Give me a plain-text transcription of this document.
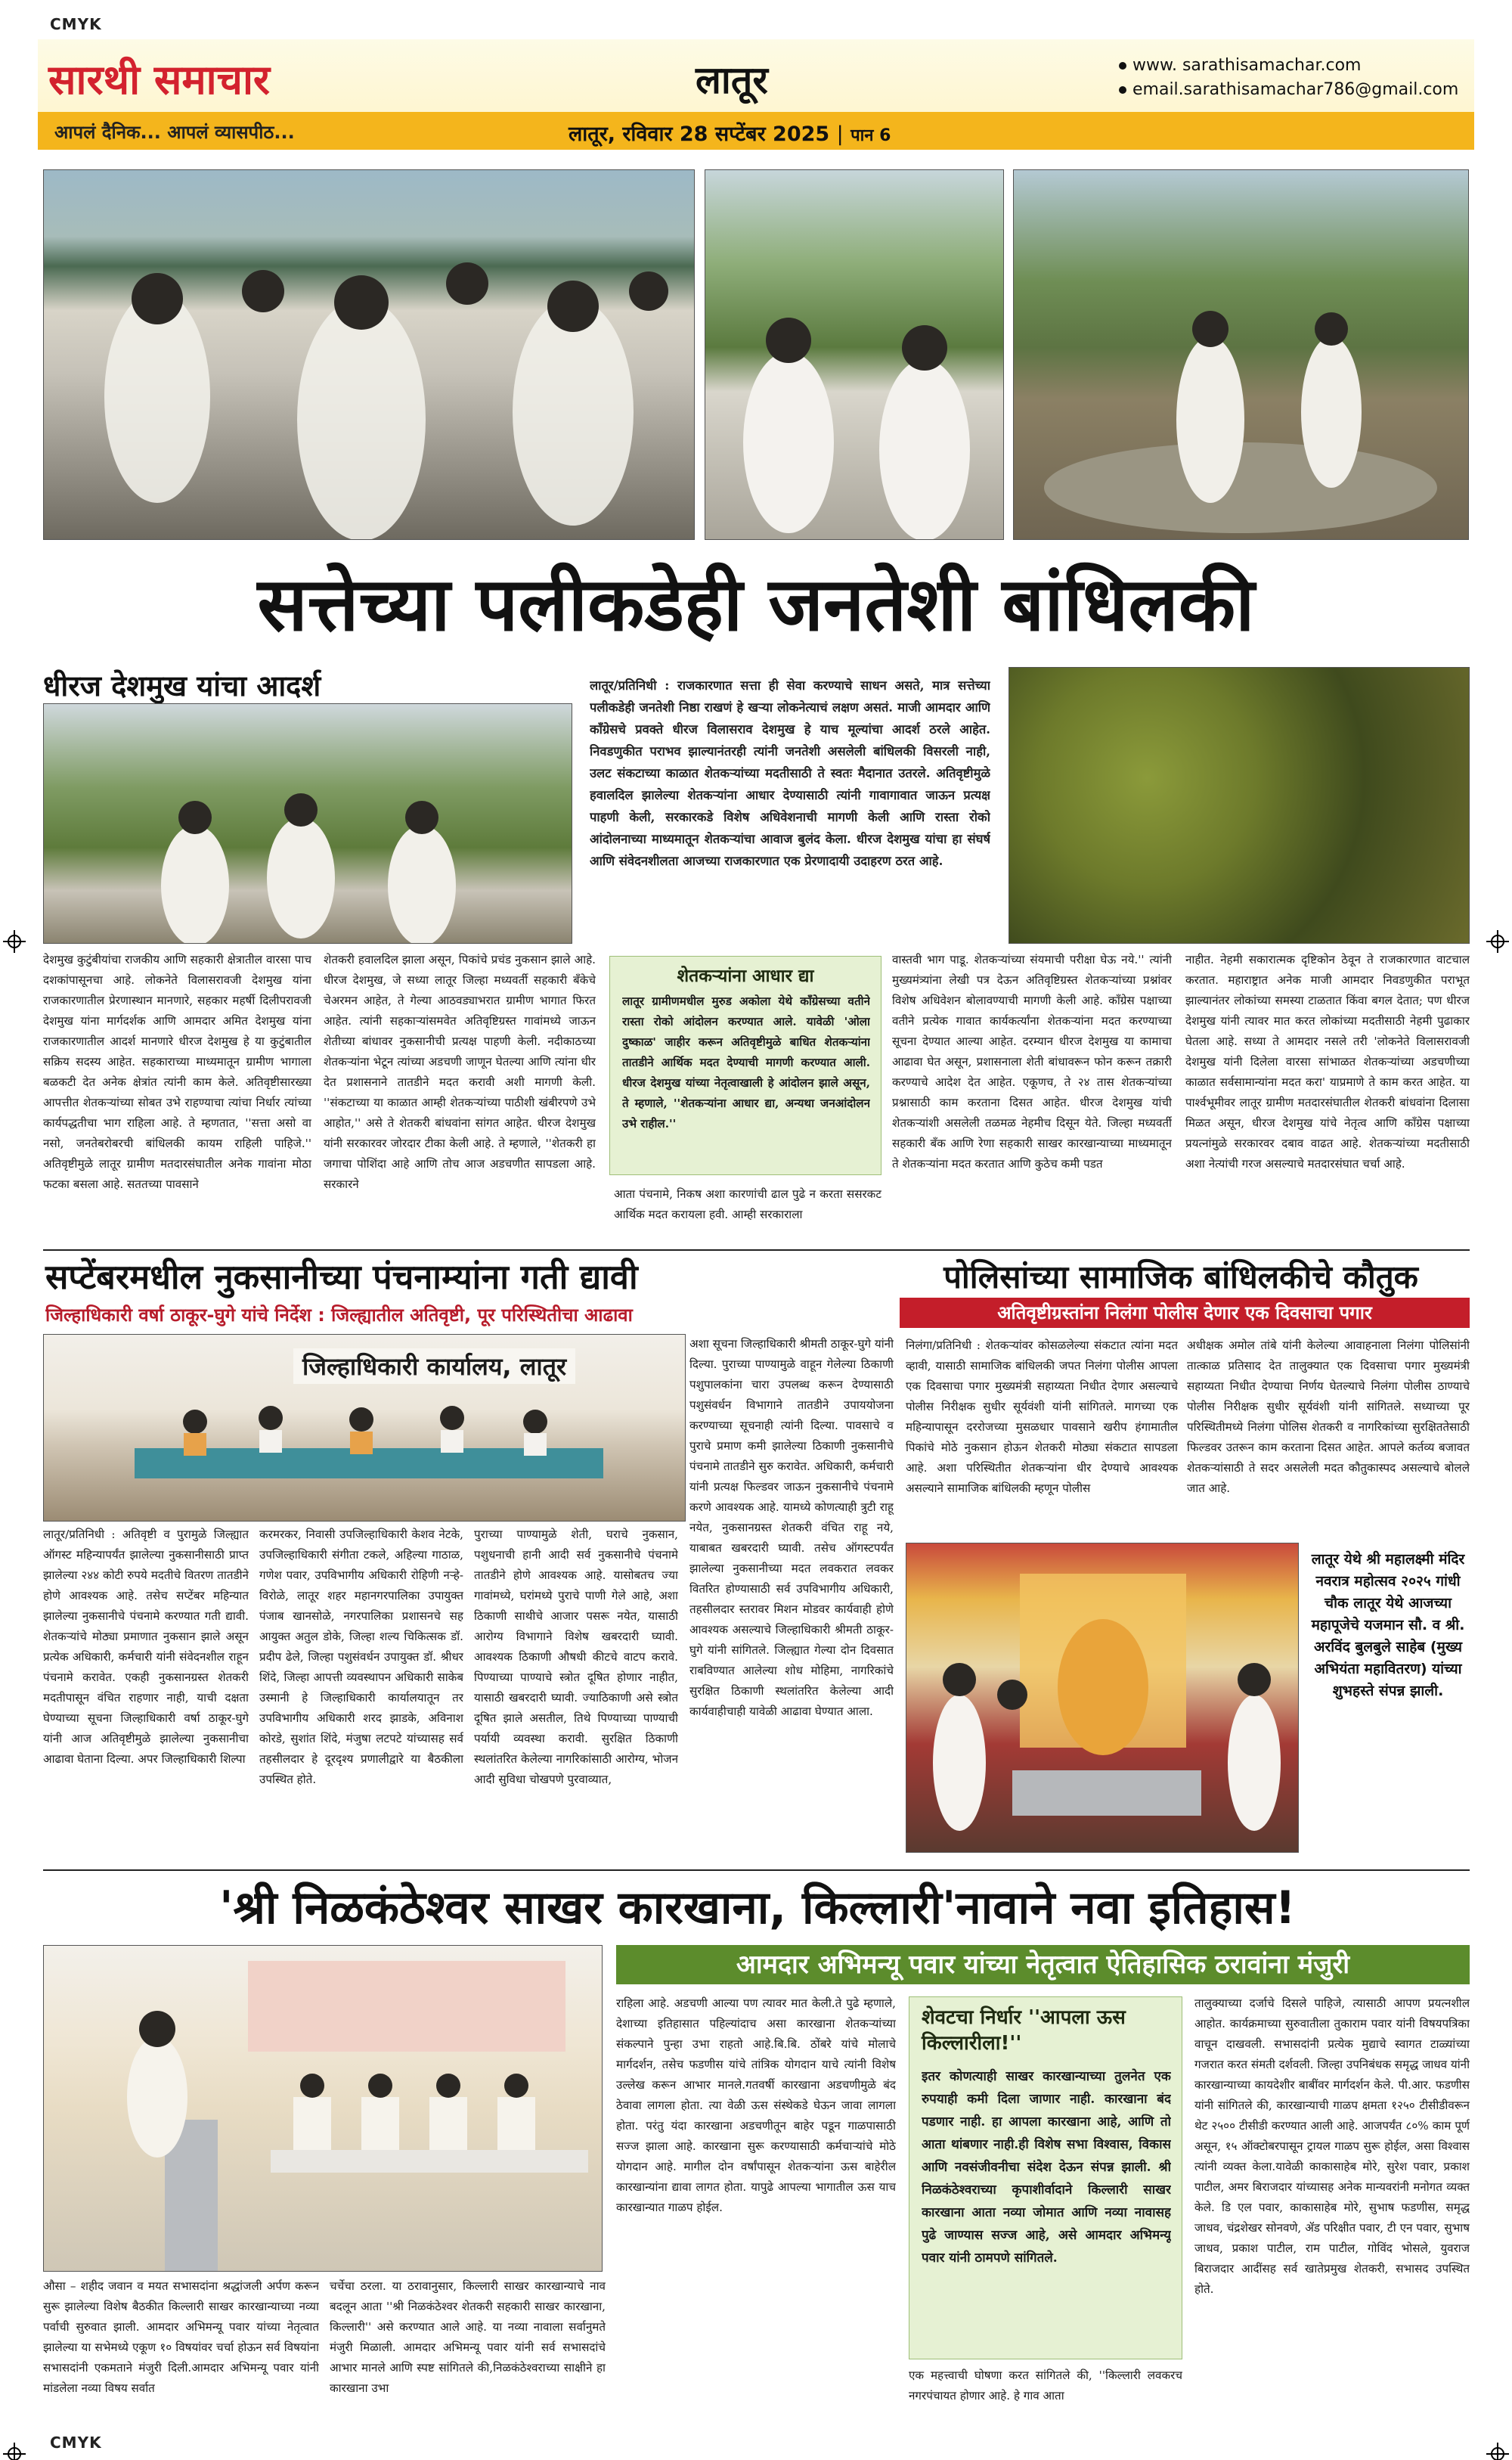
CMYK
CMYK
सारथी समाचार	लातूर	www. sarathisamachar.com
email.sarathisamachar786@gmail.com
आपलं दैनिक... आपलं व्यासपीठ...	लातूर, रविवार 28 सप्टेंबर 2025 | पान 6
सत्तेच्या पलीकडेही जनतेशी बांधिलकी
धीरज देशमुख यांचा आदर्श	लातूर/प्रतिनिधी : राजकारणात सत्ता ही सेवा करण्याचे साधन असते, मात्र सत्तेच्या पलीकडेही जनतेशी निष्ठा राखणं हे खऱ्या लोकनेत्याचं लक्षण असतं. माजी आमदार आणि काँग्रेसचे प्रवक्ते धीरज विलासराव देशमुख हे याच मूल्यांचा आदर्श ठरले आहेत. निवडणुकीत पराभव झाल्यानंतरही त्यांनी जनतेशी असलेली बांधिलकी विसरली नाही, उलट संकटाच्या काळात शेतकऱ्यांच्या मदतीसाठी ते स्वतः मैदानात उतरले. अतिवृष्टीमुळे हवालदिल झालेल्या शेतकऱ्यांना आधार देण्यासाठी त्यांनी गावागावात जाऊन प्रत्यक्ष पाहणी केली, सरकारकडे विशेष अधिवेशनाची मागणी केली आणि रास्ता रोको आंदोलनाच्या माध्यमातून शेतकऱ्यांचा आवाज बुलंद केला. धीरज देशमुख यांचा हा संघर्ष आणि संवेदनशीलता आजच्या राजकारणात एक प्रेरणादायी उदाहरण ठरत आहे.
देशमुख कुटुंबीयांचा राजकीय आणि सहकारी क्षेत्रातील वारसा पाच दशकांपासूनचा आहे. लोकनेते विलासरावजी देशमुख यांना राजकारणातील प्रेरणास्थान मानणारे, सहकार महर्षी दिलीपरावजी देशमुख यांना मार्गदर्शक आणि आमदार अमित देशमुख यांना राजकारणातील आदर्श मानणारे धीरज देशमुख हे या कुटुंबातील सक्रिय सदस्य आहेत. सहकाराच्या माध्यमातून ग्रामीण भागाला बळकटी देत अनेक क्षेत्रांत त्यांनी काम केले. अतिवृष्टीसारख्या आपत्तीत शेतकऱ्यांच्या सोबत उभे राहण्याचा त्यांचा निर्धार त्यांच्या कार्यपद्धतीचा भाग राहिला आहे. ते म्हणतात, ''सत्ता असो वा नसो, जनतेबरोबरची बांधिलकी कायम राहिली पाहिजे.'' अतिवृष्टीमुळे लातूर ग्रामीण मतदारसंघातील अनेक गावांना मोठा फटका बसला आहे. सततच्या पावसाने
शेतकरी हवालदिल झाला असून, पिकांचे प्रचंड नुकसान झाले आहे. धीरज देशमुख, जे सध्या लातूर जिल्हा मध्यवर्ती सहकारी बँकेचे चेअरमन आहेत, ते गेल्या आठवड्याभरात ग्रामीण भागात फिरत आहेत. त्यांनी सहकाऱ्यांसमवेत अतिवृष्टिग्रस्त गावांमध्ये जाऊन शेतीच्या बांधावर नुकसानीची प्रत्यक्ष पाहणी केली. नदीकाठच्या शेतकऱ्यांना भेटून त्यांच्या अडचणी जाणून घेतल्या आणि त्यांना धीर देत प्रशासनाने तातडीने मदत करावी अशी मागणी केली. ''संकटाच्या या काळात आम्ही शेतकऱ्यांच्या पाठीशी खंबीरपणे उभे आहोत,'' असे ते शेतकरी बांधवांना सांगत आहेत. धीरज देशमुख यांनी सरकारवर जोरदार टीका केली आहे. ते म्हणाले, ''शेतकरी हा जगाचा पोशिंदा आहे आणि तोच आज अडचणीत सापडला आहे. सरकारने
शेतकऱ्यांना आधार द्या
लातूर ग्रामीणमधील मुरुड अकोला येथे काँग्रेसच्या वतीने रास्ता रोको आंदोलन करण्यात आले. यावेळी 'ओला दुष्काळ' जाहीर करून अतिवृष्टीमुळे बाधित शेतकऱ्यांना तातडीने आर्थिक मदत देण्याची मागणी करण्यात आली. धीरज देशमुख यांच्या नेतृत्वाखाली हे आंदोलन झाले असून, ते म्हणाले, ''शेतकऱ्यांना आधार द्या, अन्यथा जनआंदोलन उभे राहील.''
आता पंचनामे, निकष अशा कारणांची ढाल पुढे न करता ससरकट आर्थिक मदत करायला हवी. आम्ही सरकाराला
वास्तवी भाग पाडू. शेतकऱ्यांच्या संयमाची परीक्षा घेऊ नये.'' त्यांनी मुख्यमंत्र्यांना लेखी पत्र देऊन अतिवृष्टिग्रस्त शेतकऱ्यांच्या प्रश्नांवर विशेष अधिवेशन बोलावण्याची मागणी केली आहे. काँग्रेस पक्षाच्या वतीने प्रत्येक गावात कार्यकर्त्यांना शेतकऱ्यांना मदत करण्याच्या सूचना देण्यात आल्या आहेत. दरम्यान धीरज देशमुख या कामाचा आढावा घेत असून, प्रशासनाला शेती बांधावरून फोन करून तक्रारी करण्याचे आदेश देत आहेत. एकूणच, ते २४ तास शेतकऱ्यांच्या प्रश्नासाठी काम करताना दिसत आहेत. धीरज देशमुख यांची शेतकऱ्यांशी असलेली तळमळ नेहमीच दिसून येते. जिल्हा मध्यवर्ती सहकारी बँक आणि रेणा सहकारी साखर कारखान्याच्या माध्यमातून ते शेतकऱ्यांना मदत करतात आणि कुठेच कमी पडत
नाहीत. नेहमी सकारात्मक दृष्टिकोन ठेवून ते राजकारणात वाटचाल करतात. महाराष्ट्रात अनेक माजी आमदार निवडणुकीत पराभूत झाल्यानंतर लोकांच्या समस्या टाळतात किंवा बगल देतात; पण धीरज देशमुख यांनी त्यावर मात करत लोकांच्या मदतीसाठी नेहमी पुढाकार घेतला आहे. सध्या ते आमदार नसले तरी 'लोकनेते विलासरावजी देशमुख यांनी दिलेला वारसा सांभाळत शेतकऱ्यांच्या अडचणीच्या काळात सर्वसामान्यांना मदत करा' याप्रमाणे ते काम करत आहेत. या पार्श्वभूमीवर लातूर ग्रामीण मतदारसंघातील शेतकरी बांधवांना दिलासा मिळत असून, धीरज देशमुख यांचे नेतृत्व आणि काँग्रेस पक्षाच्या प्रयत्नांमुळे सरकारवर दबाव वाढत आहे. शेतकऱ्यांच्या मदतीसाठी अशा नेत्यांची गरज असल्याचे मतदारसंघात चर्चा आहे.
सप्टेंबरमधील नुकसानीच्या पंचनाम्यांना गती द्यावी
जिल्हाधिकारी वर्षा ठाकूर-घुगे यांचे निर्देश : जिल्ह्यातील अतिवृष्टी, पूर परिस्थितीचा आढावा
जिल्हाधिकारी कार्यालय, लातूर
लातूर/प्रतिनिधी : अतिवृष्टी व पुरामुळे जिल्ह्यात ऑगस्ट महिन्यापर्यंत झालेल्या नुकसानीसाठी प्राप्त झालेल्या २४४ कोटी रुपये मदतीचे वितरण तातडीने होणे आवश्यक आहे. तसेच सप्टेंबर महिन्यात झालेल्या नुकसानीचे पंचनामे करण्यात गती द्यावी. शेतकऱ्यांचे मोठ्या प्रमाणात नुकसान झाले असून प्रत्येक अधिकारी, कर्मचारी यांनी संवेदनशील राहून पंचनामे करावेत. एकही नुकसानग्रस्त शेतकरी मदतीपासून वंचित राहणार नाही, याची दक्षता घेण्याच्या सूचना जिल्हाधिकारी वर्षा ठाकूर-घुगे यांनी आज अतिवृष्टीमुळे झालेल्या नुकसानीचा आढावा घेताना दिल्या. अपर जिल्हाधिकारी शिल्पा
करमरकर, निवासी उपजिल्हाधिकारी केशव नेटके, उपजिल्हाधिकारी संगीता टकले, अहिल्या गाठाळ, गणेश पवार, उपविभागीय अधिकारी रोहिणी नऱ्हे-विरोळे, लातूर शहर महानगरपालिका उपायुक्त पंजाब खानसोळे, नगरपालिका प्रशासनचे सह आयुक्त अतुल डोके, जिल्हा शल्य चिकित्सक डॉ. प्रदीप ढेले, जिल्हा पशुसंवर्धन उपायुक्त डॉ. श्रीधर शिंदे, जिल्हा आपत्ती व्यवस्थापन अधिकारी साकेब उस्मानी हे जिल्हाधिकारी कार्यालयातून तर उपविभागीय अधिकारी शरद झाडके, अविनाश कोरडे, सुशांत शिंदे, मंजुषा लटपटे यांच्यासह सर्व तहसीलदार हे दूरदृश्य प्रणालीद्वारे या बैठकीला उपस्थित होते.
पुराच्या पाण्यामुळे शेती, घराचे नुकसान, पशुधनाची हानी आदी सर्व नुकसानीचे पंचनामे तातडीने होणे आवश्यक आहे. यासोबतच ज्या गावांमध्ये, घरांमध्ये पुराचे पाणी गेले आहे, अशा ठिकाणी साथीचे आजार पसरू नयेत, यासाठी आरोग्य विभागाने विशेष खबरदारी घ्यावी. आवश्यक ठिकाणी औषधी कीटचे वाटप करावे. पिण्याच्या पाण्याचे स्त्रोत दूषित होणार नाहीत, यासाठी खबरदारी घ्यावी. ज्याठिकाणी असे स्त्रोत दूषित झाले असतील, तिथे पिण्याच्या पाण्याची पर्यायी व्यवस्था करावी. सुरक्षित ठिकाणी स्थलांतरित केलेल्या नागरिकांसाठी आरोग्य, भोजन आदी सुविधा चोखपणे पुरवाव्यात,
अशा सूचना जिल्हाधिकारी श्रीमती ठाकूर-घुगे यांनी दिल्या. पुराच्या पाण्यामुळे वाहून गेलेल्या ठिकाणी पशुपालकांना चारा उपलब्ध करून देण्यासाठी पशुसंवर्धन विभागाने तातडीने उपाययोजना करण्याच्या सूचनाही त्यांनी दिल्या. पावसाचे व पुराचे प्रमाण कमी झालेल्या ठिकाणी नुकसानीचे पंचनामे तातडीने सुरु करावेत. अधिकारी, कर्मचारी यांनी प्रत्यक्ष फिल्डवर जाऊन नुकसानीचे पंचनामे करणे आवश्यक आहे. यामध्ये कोणत्याही त्रुटी राहू नयेत, नुकसानग्रस्त शेतकरी वंचित राहू नये, याबाबत खबरदारी घ्यावी. तसेच ऑगस्टपर्यंत झालेल्या नुकसानीच्या मदत लवकरात लवकर वितरित होण्यासाठी सर्व उपविभागीय अधिकारी, तहसीलदार स्तरावर मिशन मोडवर कार्यवाही होणे आवश्यक असल्याचे जिल्हाधिकारी श्रीमती ठाकूर-घुगे यांनी सांगितले. जिल्ह्यात गेल्या दोन दिवसात राबविण्यात आलेल्या शोध मोहिमा, नागरिकांचे सुरक्षित ठिकाणी स्थलांतरित केलेल्या आदी कार्यवाहीचाही यावेळी आढावा घेण्यात आला.
पोलिसांच्या सामाजिक बांधिलकीचे कौतुक
अतिवृष्टीग्रस्तांना निलंगा पोलीस देणार एक दिवसाचा पगार
निलंगा/प्रतिनिधी : शेतकऱ्यांवर कोसळलेल्या संकटात त्यांना मदत व्हावी, यासाठी सामाजिक बांधिलकी जपत निलंगा पोलीस आपला एक दिवसाचा पगार मुख्यमंत्री सहाय्यता निधीत देणार असल्याचे पोलीस निरीक्षक सुधीर सूर्यवंशी यांनी सांगितले. मागच्या एक महिन्यापासून दररोजच्या मुसळधार पावसाने खरीप हंगामातील पिकांचे मोठे नुकसान होऊन शेतकरी मोठ्या संकटात सापडला आहे. अशा परिस्थितीत शेतकऱ्यांना धीर देण्याचे आवश्यक असल्याने सामाजिक बांधिलकी म्हणून पोलीस
अधीक्षक अमोल तांबे यांनी केलेल्या आवाहनाला निलंगा पोलिसांनी तात्काळ प्रतिसाद देत तालुक्यात एक दिवसाचा पगार मुख्यमंत्री सहाय्यता निधीत देण्याचा निर्णय घेतल्याचे निलंगा पोलीस ठाण्याचे पोलीस निरीक्षक सुधीर सूर्यवंशी यांनी सांगितले. सध्याच्या पूर परिस्थितीमध्ये निलंगा पोलिस शेतकरी व नागरिकांच्या सुरक्षिततेसाठी फिल्डवर उतरून काम करताना दिसत आहेत. आपले कर्तव्य बजावत शेतकऱ्यांसाठी ते सदर असलेली मदत कौतुकास्पद असल्याचे बोलले जात आहे.
लातूर येथे श्री महालक्ष्मी मंदिर नवरात्र महोत्सव २०२५ गांधी चौक लातूर येथे आजच्या महापूजेचे यजमान सौ. व श्री. अरविंद बुलबुले साहेब (मुख्य अभियंता महावितरण) यांच्या शुभहस्ते संपन्न झाली.
'श्री निळकंठेश्वर साखर कारखाना, किल्लारी'नावाने नवा इतिहास!
आमदार अभिमन्यू पवार यांच्या नेतृत्वात ऐतिहासिक ठरावांना मंजुरी
औसा – शहीद जवान व मयत सभासदांना श्रद्धांजली अर्पण करून सुरू झालेल्या विशेष बैठकीत किल्लारी साखर कारखान्याच्या नव्या पर्वाची सुरुवात झाली. आमदार अभिमन्यू पवार यांच्या नेतृत्वात झालेल्या या सभेमध्ये एकूण १० विषयांवर चर्चा होऊन सर्व विषयांना सभासदांनी एकमताने मंजुरी दिली.आमदार अभिमन्यू पवार यांनी मांडलेला नव्या विषय सर्वात
चर्चेचा ठरला. या ठरावानुसार, किल्लारी साखर कारखान्याचे नाव बदलून आता ''श्री निळकंठेश्वर शेतकरी सहकारी साखर कारखाना, किल्लारी'' असे करण्यात आले आहे. या नव्या नावाला सर्वानुमते मंजुरी मिळाली. आमदार अभिमन्यू पवार यांनी सर्व सभासदांचे आभार मानले आणि स्पष्ट सांगितले की,निळकंठेश्वराच्या साक्षीने हा कारखाना उभा
राहिला आहे. अडचणी आल्या पण त्यावर मात केली.ते पुढे म्हणाले, देशाच्या इतिहासात पहिल्यांदाच असा कारखाना शेतकऱ्यांच्या संकल्पाने पुन्हा उभा राहतो आहे.बि.बि. ठोंबरे यांचे मोलाचे मार्गदर्शन, तसेच फडणीस यांचे तांत्रिक योगदान याचे त्यांनी विशेष उल्लेख करून आभार मानले.गतवर्षी कारखाना अडचणीमुळे बंद ठेवावा लागला होता. त्या वेळी ऊस संस्थेकडे घेऊन जावा लागला होता. परंतु यंदा कारखाना अडचणीतून बाहेर पडून गाळपासाठी सज्ज झाला आहे. कारखाना सुरू करण्यासाठी कर्मचाऱ्यांचे मोठे योगदान आहे. मागील दोन वर्षांपासून शेतकऱ्यांना ऊस बाहेरील कारखान्यांना द्यावा लागत होता. यापुढे आपल्या भागातील ऊस याच कारखान्यात गाळप होईल.
शेवटचा निर्धार ''आपला ऊस किल्लारीला!''
इतर कोणत्याही साखर कारखान्याच्या तुलनेत एक रुपयाही कमी दिला जाणार नाही. कारखाना बंद पडणार नाही. हा आपला कारखाना आहे, आणि तो आता थांबणार नाही.ही विशेष सभा विश्वास, विकास आणि नवसंजीवनीचा संदेश देऊन संपन्न झाली. श्री निळकंठेश्वराच्या कृपाशीर्वादाने किल्लारी साखर कारखाना आता नव्या जोमात आणि नव्या नावासह पुढे जाण्यास सज्ज आहे, असे आमदार अभिमन्यू पवार यांनी ठामपणे सांगितले.
एक महत्त्वाची घोषणा करत सांगितले की, ''किल्लारी लवकरच नगरपंचायत होणार आहे. हे गाव आता
तालुक्याच्या दर्जाचे दिसले पाहिजे, त्यासाठी आपण प्रयत्नशील आहोत. कार्यक्रमाच्या सुरुवातीला तुकाराम पवार यांनी विषयपत्रिका वाचून दाखवली. सभासदांनी प्रत्येक मुद्याचे स्वागत टाळ्यांच्या गजरात करत संमती दर्शवली. जिल्हा उपनिबंधक समृद्ध जाधव यांनी कारखान्याच्या कायदेशीर बाबींवर मार्गदर्शन केले. पी.आर. फडणीस यांनी सांगितले की, कारखान्याची गाळप क्षमता १२५० टीसीडीवरून थेट २५०० टीसीडी करण्यात आली आहे. आजपर्यंत ८०% काम पूर्ण असून, १५ ऑक्टोबरपासून ट्रायल गाळप सुरू होईल, असा विश्वास त्यांनी व्यक्त केला.यावेळी काकासाहेब मोरे, सुरेश पवार, प्रकाश पाटील, अमर बिराजदार यांच्यासह अनेक मान्यवरांनी मनोगत व्यक्त केले. डि एल पवार, काकासाहेब मोरे, सुभाष फडणीस, समृद्ध जाधव, चंद्रशेखर सोनवणे, ॲड परिक्षीत पवार, टी एन पवार, सुभाष जाधव, प्रकाश पाटील, राम पाटील, गोविंद भोसले, युवराज बिराजदार आदींसह सर्व खातेप्रमुख शेतकरी, सभासद उपस्थित होते.
